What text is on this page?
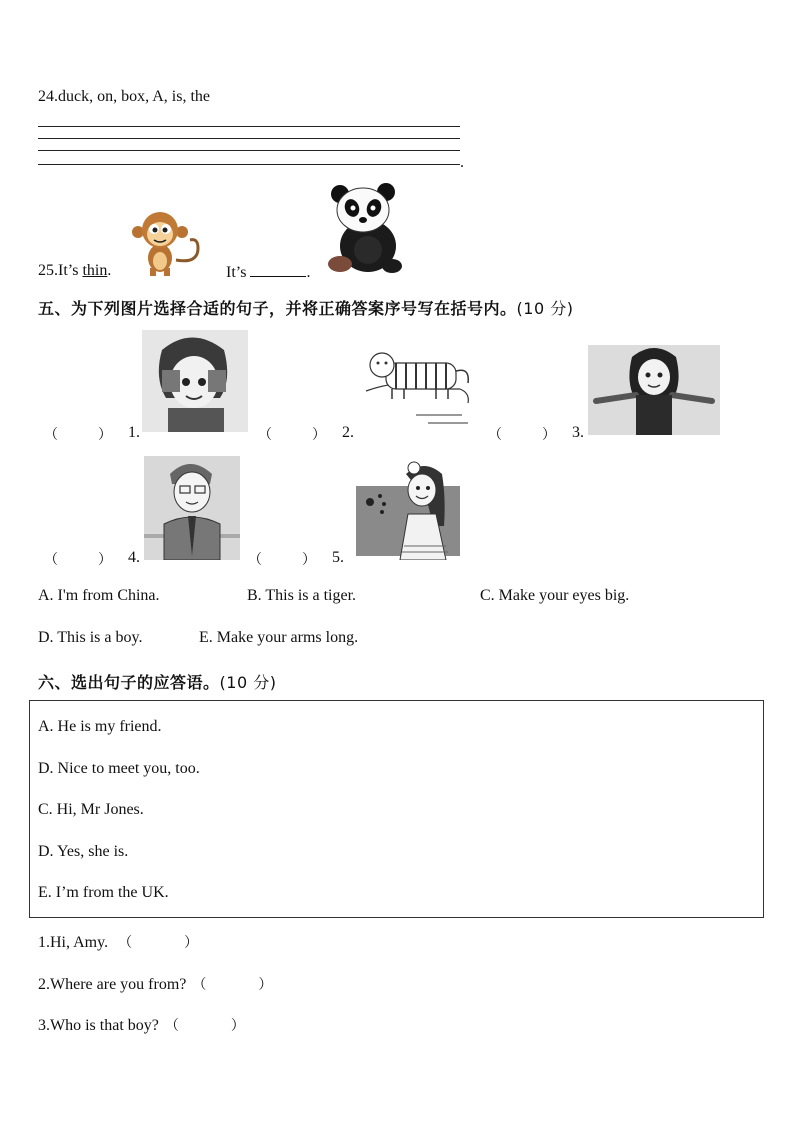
24.duck, on, box, A, is, the
.
25.It’s thin.	It’s	.
五、为下列图片选择合适的句子，并将正确答案序号写在括号内。(10 分)
（	） 1.	（	） 2.	（	） 3.
（	） 4.	（	） 5.
A. I'm from China.	B. This is a tiger.	C. Make your eyes big.
D. This is a boy.	E. Make your arms long.
六、选出句子的应答语。(10 分)
A. He is my friend.
D. Nice to meet you, too.
C. Hi, Mr Jones.
D. Yes, she is.
E. I’m from the UK.
1.Hi, Amy. （	）
2.Where are you from? （	）
3.Who is that boy? （	）
